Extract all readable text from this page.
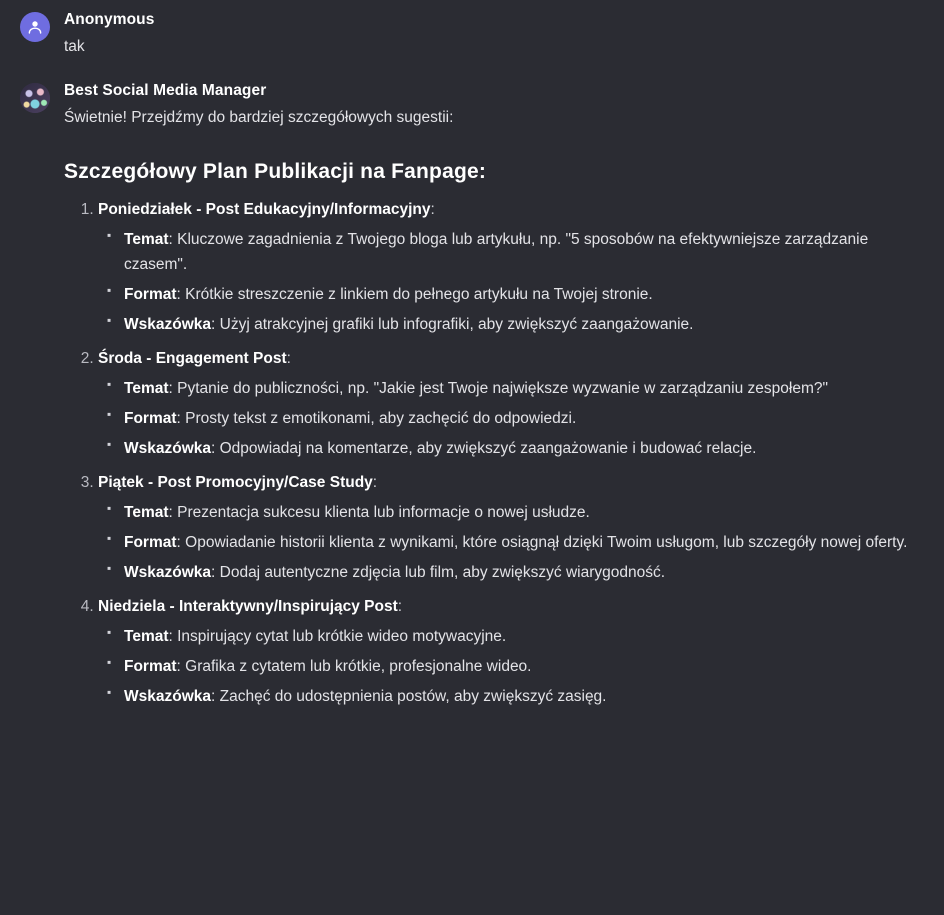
Anonymous
tak
Best Social Media Manager
Świetnie! Przejdźmy do bardziej szczegółowych sugestii:
Szczegółowy Plan Publikacji na Fanpage:
1. Poniedziałek - Post Edukacyjny/Informacyjny:
▪ Temat: Kluczowe zagadnienia z Twojego bloga lub artykułu, np. "5 sposobów na efektywniejsze zarządzanie czasem".
▪ Format: Krótkie streszczenie z linkiem do pełnego artykułu na Twojej stronie.
▪ Wskazówka: Użyj atrakcyjnej grafiki lub infografiki, aby zwiększyć zaangażowanie.
2. Środa - Engagement Post:
▪ Temat: Pytanie do publiczności, np. "Jakie jest Twoje największe wyzwanie w zarządzaniu zespołem?"
▪ Format: Prosty tekst z emotikonami, aby zachęcić do odpowiedzi.
▪ Wskazówka: Odpowiadaj na komentarze, aby zwiększyć zaangażowanie i budować relacje.
3. Piątek - Post Promocyjny/Case Study:
▪ Temat: Prezentacja sukcesu klienta lub informacje o nowej usłudze.
▪ Format: Opowiadanie historii klienta z wynikami, które osiągnął dzięki Twoim usługom, lub szczegóły nowej oferty.
▪ Wskazówka: Dodaj autentyczne zdjęcia lub film, aby zwiększyć wiarygodność.
4. Niedziela - Interaktywny/Inspirujący Post:
▪ Temat: Inspirujący cytat lub krótkie wideo motywacyjne.
▪ Format: Grafika z cytatem lub krótkie, profesjonalne wideo.
▪ Wskazówka: Zachęć do udostępnienia postów, aby zwiększyć zasięg.
